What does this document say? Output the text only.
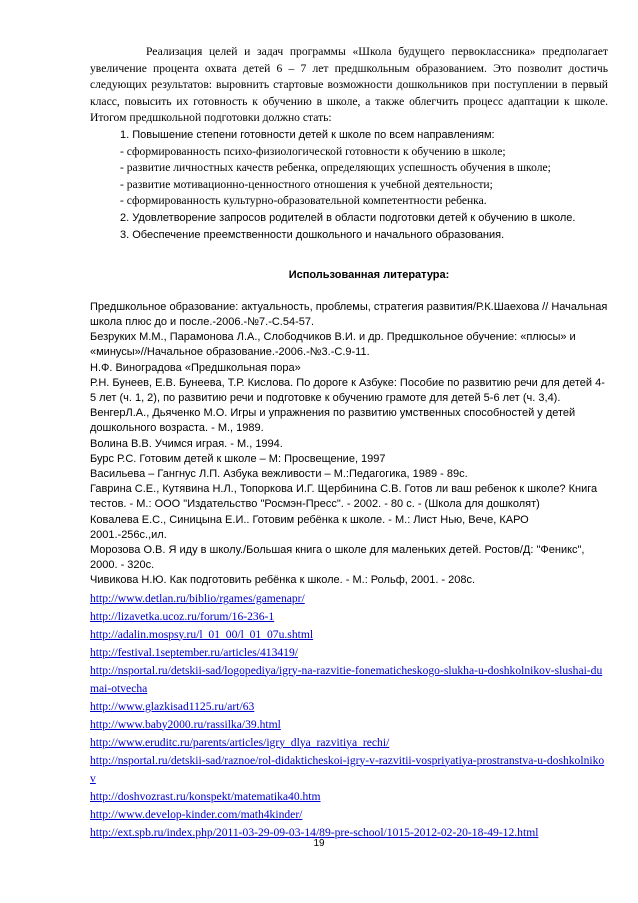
Реализация целей и задач программы «Школа будущего первоклассника» предполагает увеличение процента охвата детей 6 – 7 лет предшкольным образованием. Это позволит достичь следующих результатов: выровнить стартовые возможности дошкольников при поступлении в первый класс, повысить их готовность к обучению в школе, а также облегчить процесс адаптации к школе. Итогом предшкольной подготовки должно стать:

1. Повышение степени готовности детей к школе по всем направлениям:

- сформированность психо-физиологической готовности к обучению в школе;

- развитие личностных качеств ребенка, определяющих успешность обучения в школе;

- развитие мотивационно-ценностного отношения к учебной деятельности;

- сформированность культурно-образовательной компетентности ребенка.

2. Удовлетворение запросов родителей в области подготовки детей к обучению в школе.

3. Обеспечение преемственности дошкольного и начального образования.

Использованная литература:

Предшкольное образование: актуальность, проблемы, стратегия развития/Р.К.Шаехова // Начальная школа плюс до и после.-2006.-№7.-С.54-57.

Безруких М.М., Парамонова Л.А., Слободчиков В.И. и др. Предшкольное обучение: «плюсы» и «минусы»//Начальное образование.-2006.-№3.-С.9-11.

Н.Ф. Виноградова «Предшкольная пора»

Р.Н. Бунеев, Е.В. Бунеева, Т.Р. Кислова. По дороге к Азбуке: Пособие по развитию речи для детей 4-5 лет (ч. 1, 2), по развитию речи и подготовке к обучению грамоте для детей 5-6 лет (ч. 3,4).

ВенгерЛ.А., Дьяченко М.О. Игры и упражнения по развитию умственных способностей у детей дошкольного возраста. - М., 1989.

Волина В.В. Учимся играя. - М., 1994.

Бурс Р.С. Готовим детей к школе – М: Просвещение, 1997

Васильева – Гангнус Л.П. Азбука вежливости – М.:Педагогика, 1989 - 89с.

Гаврина С.Е., Кутявина Н.Л., Топоркова И.Г. Щербинина С.В. Готов ли ваш ребенок к школе? Книга тестов. - М.: ООО "Издательство "Росмэн-Пресс". - 2002. - 80 с. - (Школа для дошколят)

Ковалева Е.С., Синицына Е.И.. Готовим ребёнка к школе. - М.: Лист Нью, Вече, КАРО 2001.-256с.,ил.

Морозова О.В. Я иду в школу./Большая книга о школе для маленьких детей. Ростов/Д: "Феникс", 2000. - 320с.

Чивикова Н.Ю. Как подготовить ребёнка к школе. - М.: Рольф, 2001. - 208с.

http://www.detlan.ru/biblio/rgames/gamenapr/

http://lizavetka.ucoz.ru/forum/16-236-1

http://adalin.mospsy.ru/l_01_00/l_01_07u.shtml

http://festival.1september.ru/articles/413419/

http://nsportal.ru/detskii-sad/logopediya/igry-na-razvitie-fonematicheskogo-slukha-u-doshkolnikov-slushai-dumai-otvecha

http://www.glazkisad1125.ru/art/63

http://www.baby2000.ru/rassilka/39.html

http://www.eruditc.ru/parents/articles/igry_dlya_razvitiya_rechi/

http://nsportal.ru/detskii-sad/raznoe/rol-didakticheskoi-igry-v-razvitii-vospriyatiya-prostranstva-u-doshkolnikov

http://doshvozrast.ru/konspekt/matematika40.htm

http://www.develop-kinder.com/math4kinder/

http://ext.spb.ru/index.php/2011-03-29-09-03-14/89-pre-school/1015-2012-02-20-18-49-12.html

19
